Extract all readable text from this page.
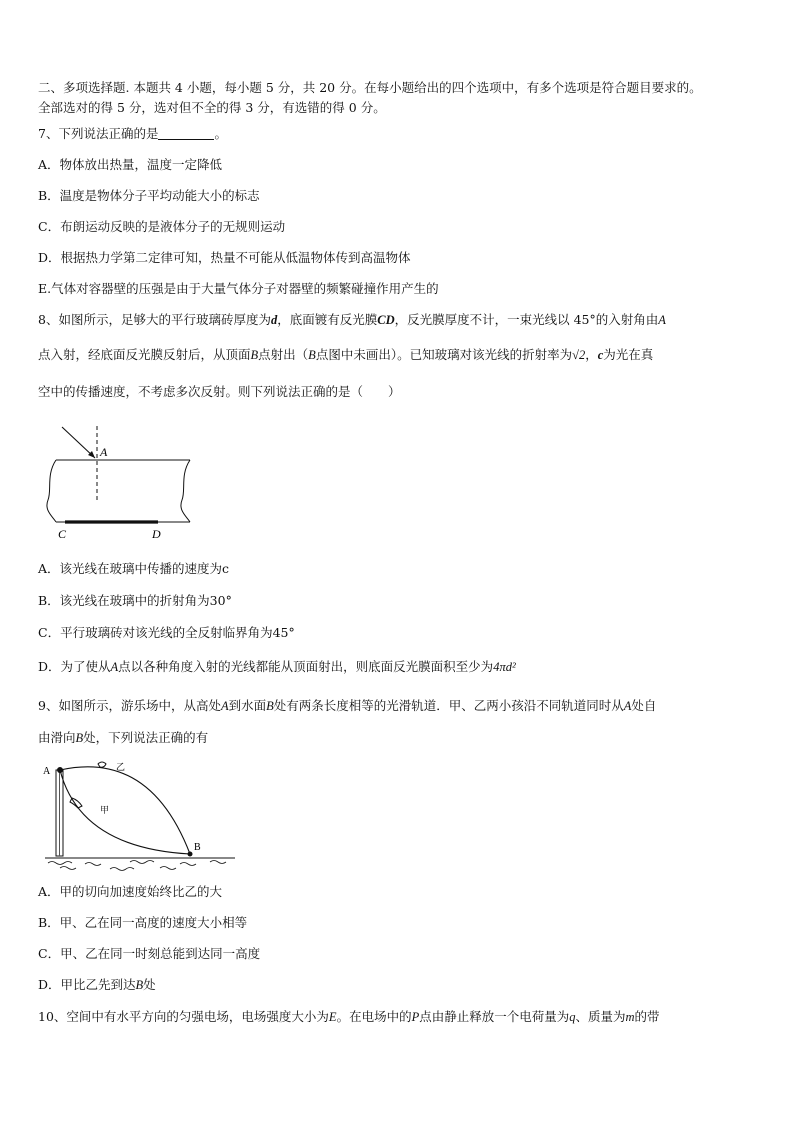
二、多项选择题. 本题共 4 小题，每小题 5 分，共 20 分。在每小题给出的四个选项中，有多个选项是符合题目要求的。
全部选对的得 5 分，选对但不全的得 3 分，有选错的得 0 分。
7、下列说法正确的是	。
A．物体放出热量，温度一定降低
B．温度是物体分子平均动能大小的标志
C．布朗运动反映的是液体分子的无规则运动
D．根据热力学第二定律可知，热量不可能从低温物体传到高温物体
E.气体对容器壁的压强是由于大量气体分子对器壁的频繁碰撞作用产生的
8、如图所示，足够大的平行玻璃砖厚度为d，底面镀有反光膜CD，反光膜厚度不计，一束光线以 45°的入射角由A
点入射，经底面反光膜反射后，从顶面B点射出（B点图中未画出）。已知玻璃对该光线的折射率为√2，c为光在真
空中的传播速度，不考虑多次反射。则下列说法正确的是（　　）
A
C	D
A．该光线在玻璃中传播的速度为c
B．该光线在玻璃中的折射角为30°
C．平行玻璃砖对该光线的全反射临界角为45°
D．为了使从A点以各种角度入射的光线都能从顶面射出，则底面反光膜面积至少为4πd²
9、如图所示，游乐场中，从高处A到水面B处有两条长度相等的光滑轨道．甲、乙两小孩沿不同轨道同时从A处自
由滑向B处，下列说法正确的有
A
B
乙
甲
A．甲的切向加速度始终比乙的大
B．甲、乙在同一高度的速度大小相等
C．甲、乙在同一时刻总能到达同一高度
D．甲比乙先到达B处
10、空间中有水平方向的匀强电场，电场强度大小为E。在电场中的P点由静止释放一个电荷量为q、质量为m的带
